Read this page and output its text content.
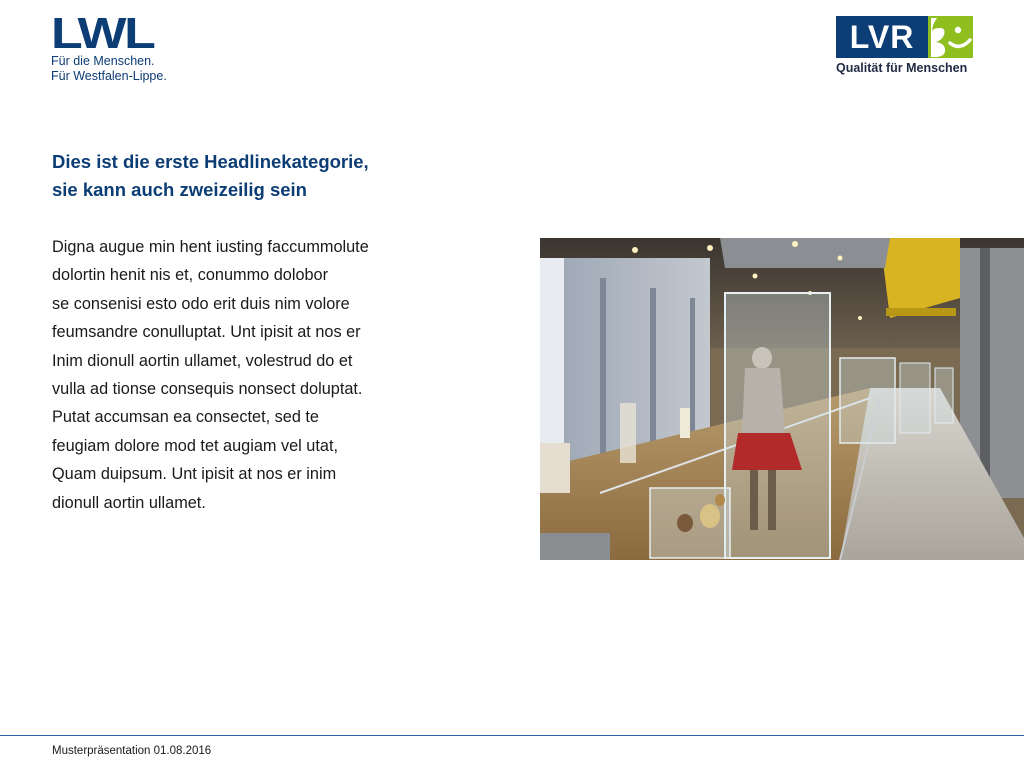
LWL
Für die Menschen.
Für Westfalen-Lippe.
LVR
Qualität für Menschen
Dies ist die erste Headlinekategorie,
sie kann auch zweizeilig sein
Digna augue min hent iusting faccummolute
dolortin henit nis et, conummo dolobor
se consenisi esto odo erit duis nim volore
feumsandre conulluptat. Unt ipisit at nos er
Inim dionull aortin ullamet, volestrud do et
vulla ad tionse consequis nonsect doluptat.
Putat accumsan ea consectet, sed te
feugiam dolore mod tet augiam vel utat,
Quam duipsum. Unt ipisit at nos er inim
dionull aortin ullamet.
Musterpräsentation 01.08.2016
